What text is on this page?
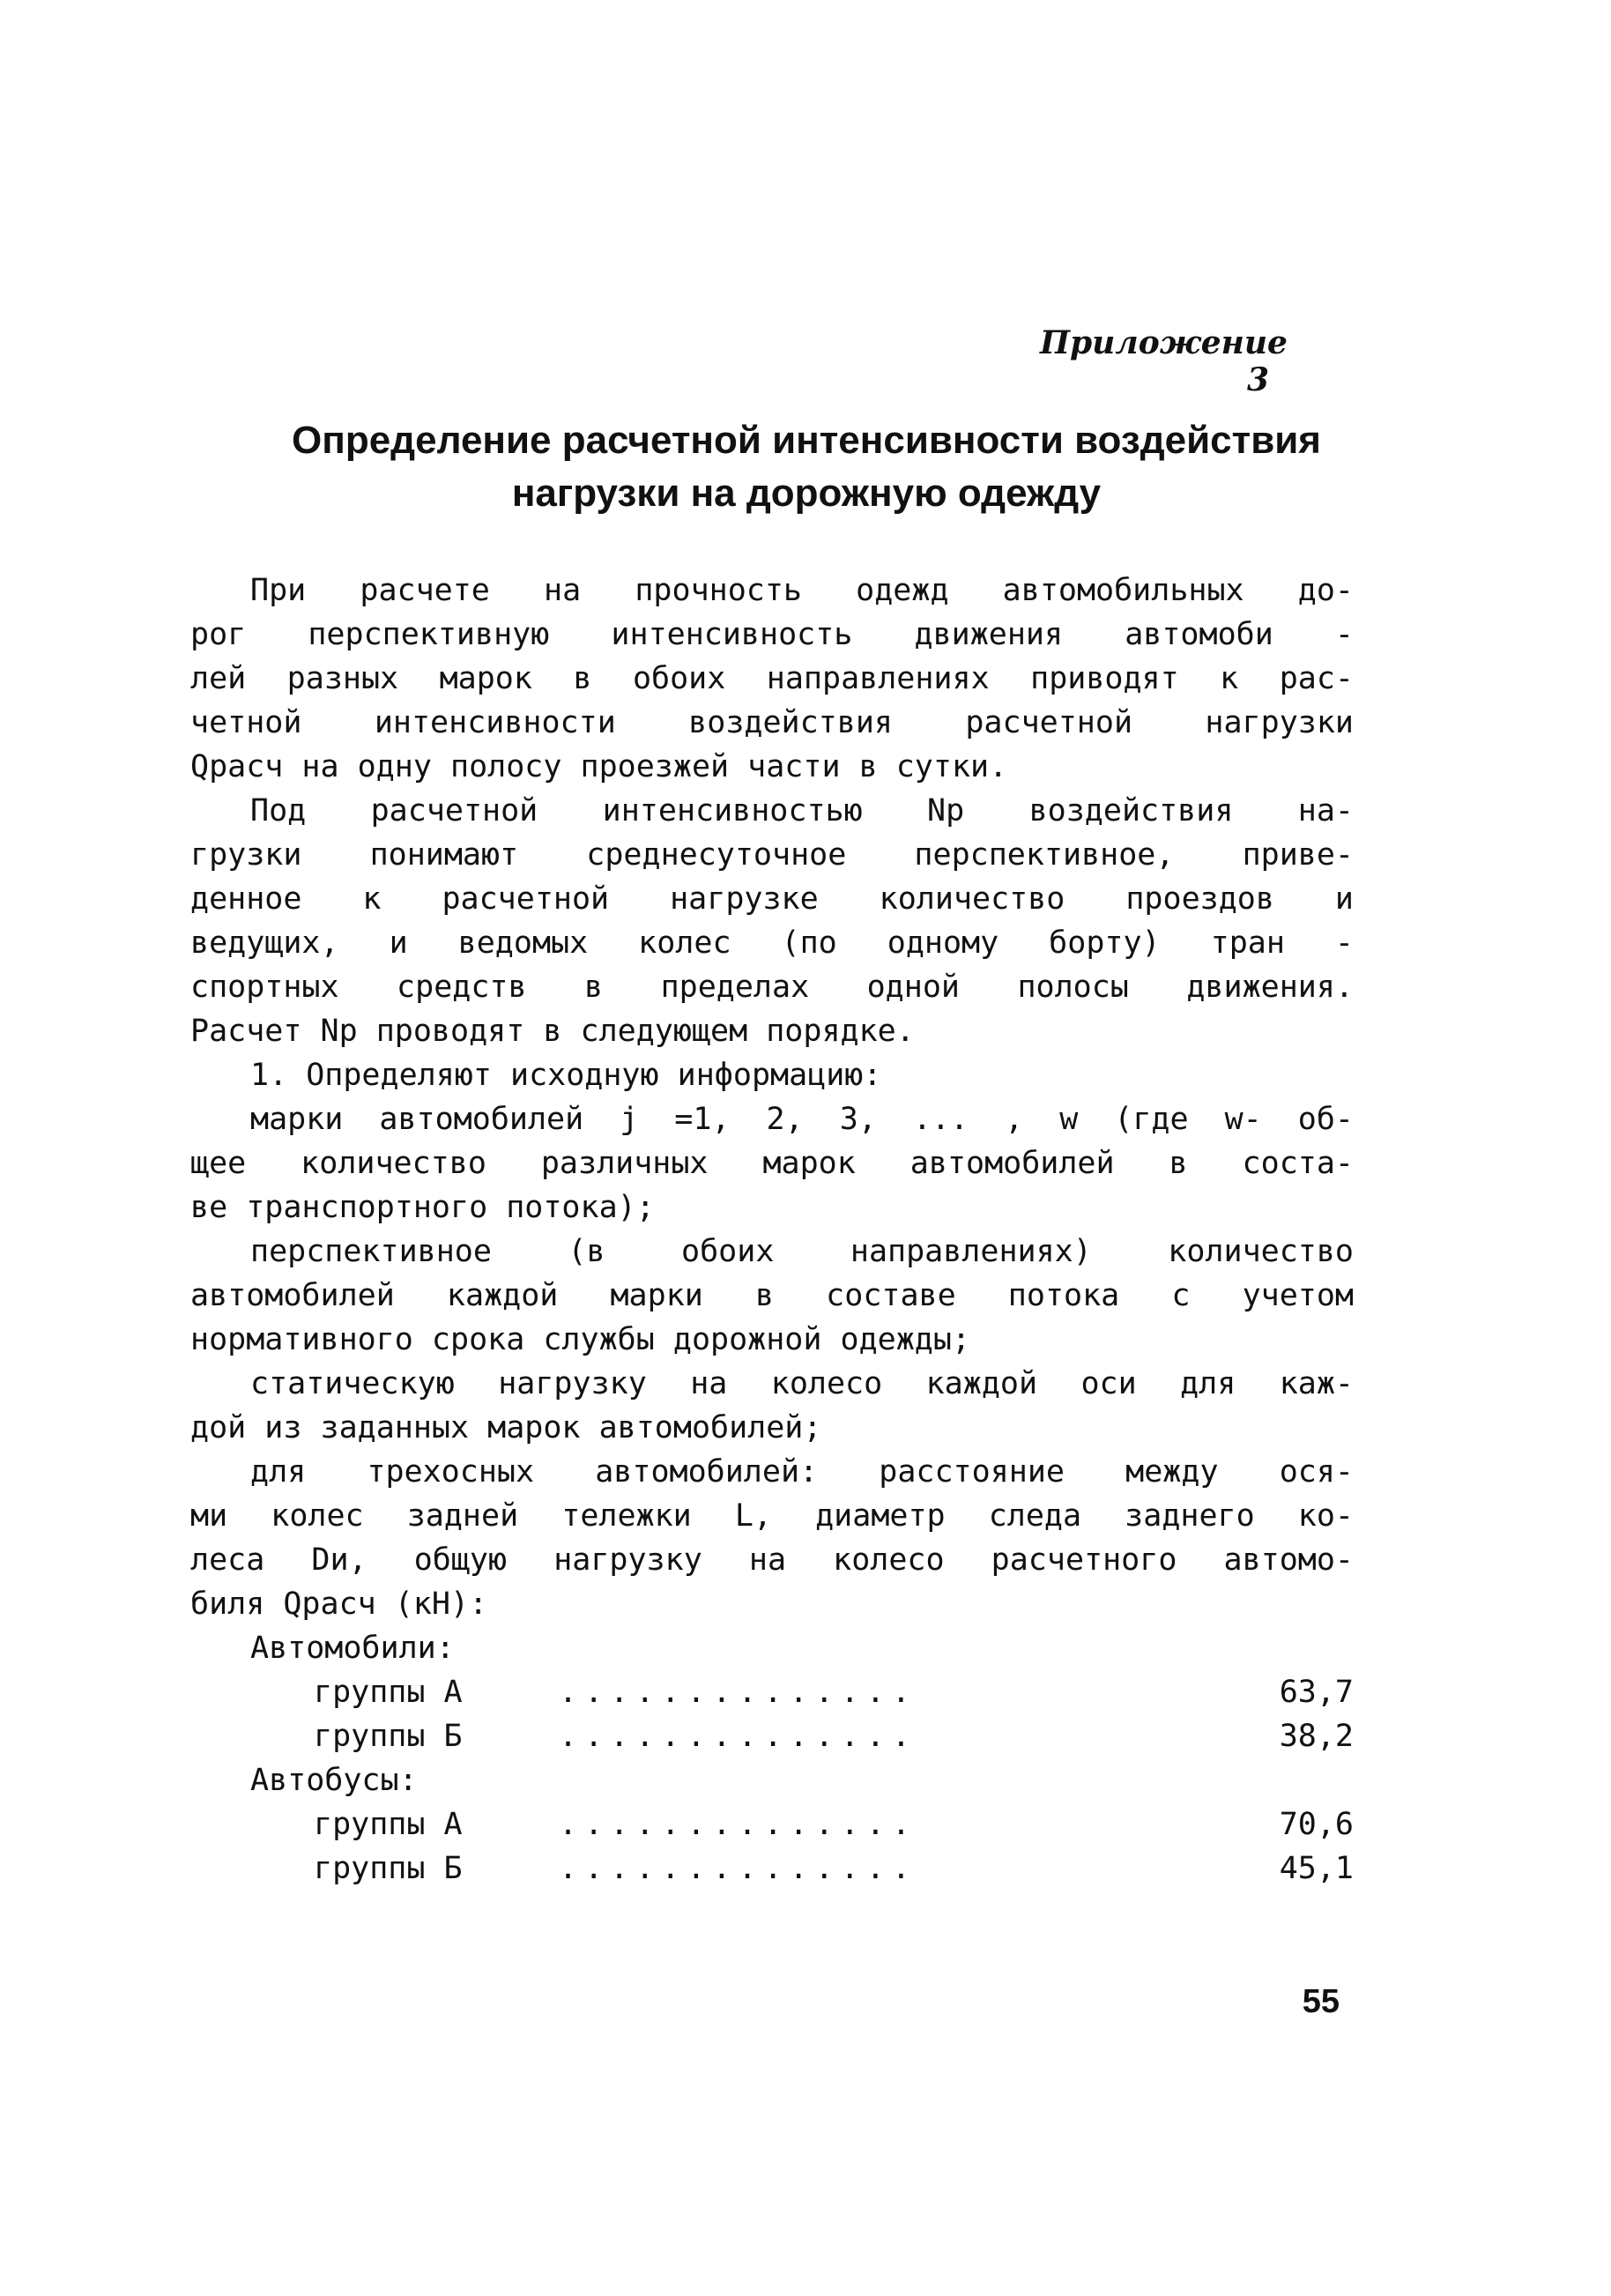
Приложение 3
Определение расчетной интенсивности воздействия
нагрузки на дорожную одежду
При расчете на прочность одежд автомобильных до-
рог перспективную интенсивность движения автомоби -
лей разных марок в обоих направлениях приводят к рас-
четной интенсивности воздействия расчетной нагрузки
Qрасч на одну полосу проезжей части в сутки.
Под расчетной интенсивностью Nр воздействия на-
грузки понимают среднесуточное перспективное, приве-
денное к расчетной нагрузке количество проездов и
ведущих, и ведомых колес (по одному борту) тран -
спортных средств в пределах одной полосы движения.
Расчет Nр проводят в следующем порядке.
1. Определяют исходную информацию:
марки автомобилей j =1, 2, 3, ... , w (где w- об-
щее количество различных марок автомобилей в соста-
ве транспортного потока);
перспективное (в обоих направлениях) количество
автомобилей каждой марки в составе потока с учетом
нормативного срока службы дорожной одежды;
статическую нагрузку на колесо каждой оси для каж-
дой из заданных марок автомобилей;
для трехосных автомобилей: расстояние между ося-
ми колес задней тележки L, диаметр следа заднего ко-
леса Dи, общую нагрузку на колесо расчетного автомо-
биля Qрасч (кН):
Автомобили:
группы А	..............	63,7
группы Б	..............	38,2
Автобусы:
группы А	..............	70,6
группы Б	..............	45,1
55
